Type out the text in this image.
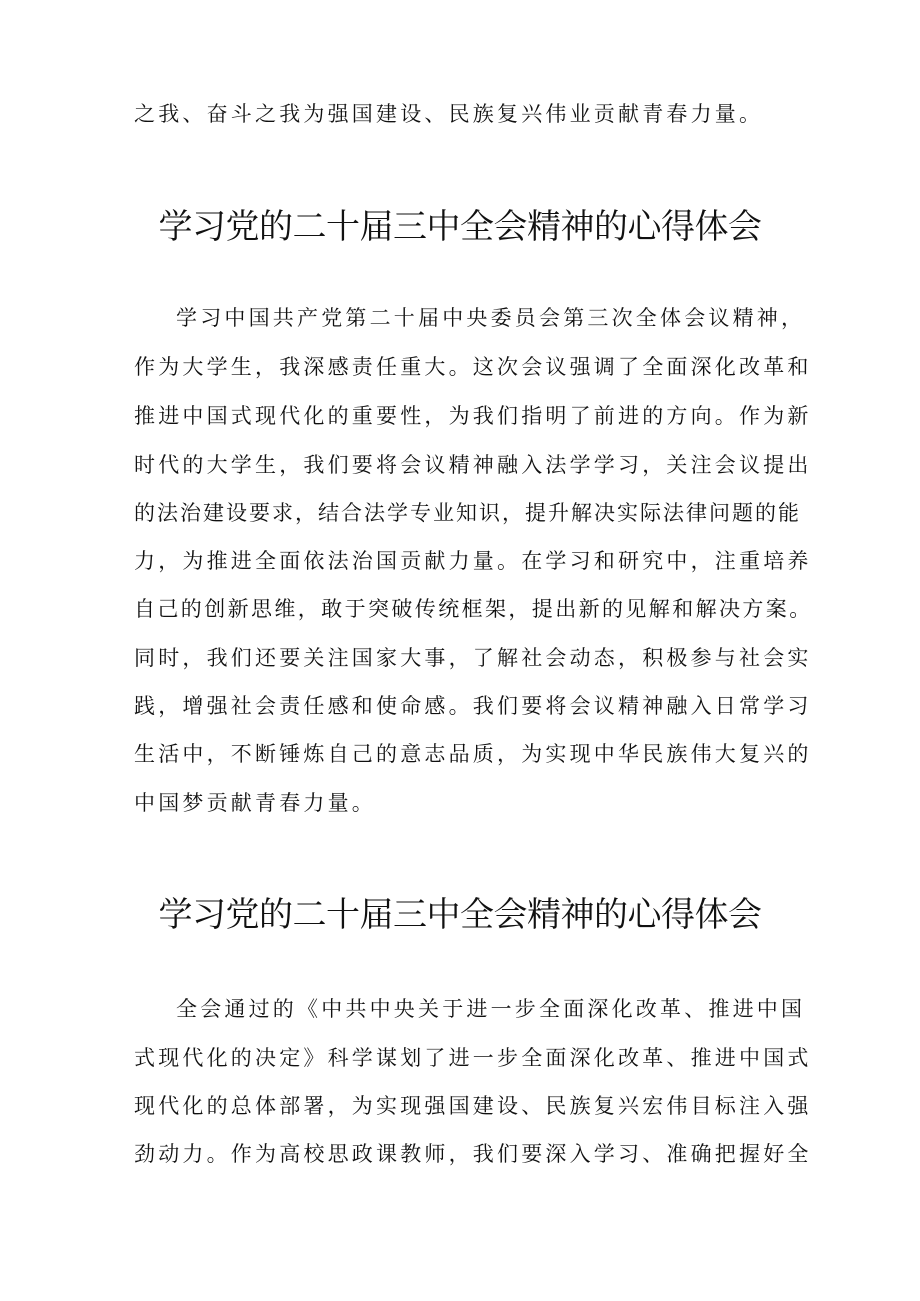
之我、奋斗之我为强国建设、民族复兴伟业贡献青春力量。

学习党的二十届三中全会精神的心得体会

学习中国共产党第二十届中央委员会第三次全体会议精神，

作为大学生，我深感责任重大。这次会议强调了全面深化改革和

推进中国式现代化的重要性，为我们指明了前进的方向。作为新

时代的大学生，我们要将会议精神融入法学学习，关注会议提出

的法治建设要求，结合法学专业知识，提升解决实际法律问题的能

力，为推进全面依法治国贡献力量。在学习和研究中，注重培养

自己的创新思维，敢于突破传统框架，提出新的见解和解决方案。

同时，我们还要关注国家大事，了解社会动态，积极参与社会实

践，增强社会责任感和使命感。我们要将会议精神融入日常学习

生活中，不断锤炼自己的意志品质，为实现中华民族伟大复兴的

中国梦贡献青春力量。

学习党的二十届三中全会精神的心得体会

全会通过的《中共中央关于进一步全面深化改革、推进中国

式现代化的决定》科学谋划了进一步全面深化改革、推进中国式

现代化的总体部署，为实现强国建设、民族复兴宏伟目标注入强

劲动力。作为高校思政课教师，我们要深入学习、准确把握好全
